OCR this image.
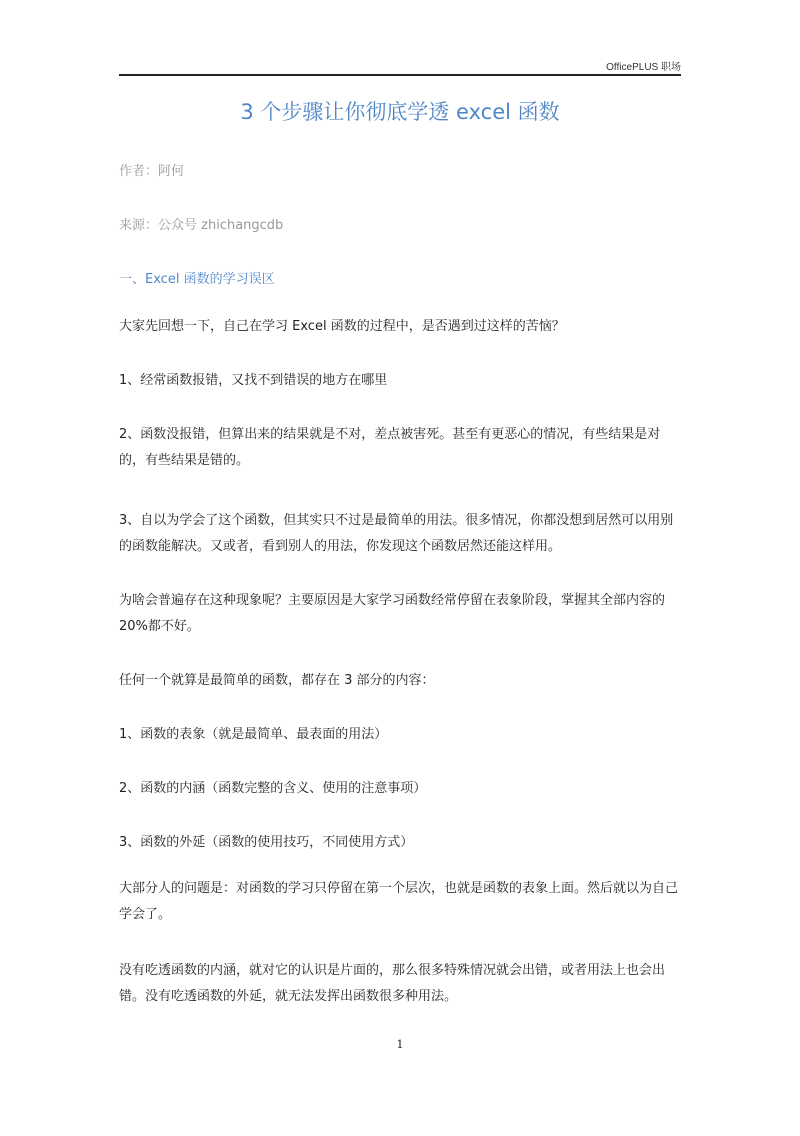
OfficePLUS 职场
3 个步骤让你彻底学透 excel 函数
作者：阿何
来源：公众号 zhichangcdb
一、Excel 函数的学习误区

大家先回想一下，自己在学习 Excel 函数的过程中，是否遇到过这样的苦恼？

1、经常函数报错，又找不到错误的地方在哪里

2、函数没报错，但算出来的结果就是不对，差点被害死。甚至有更恶心的情况，有些结果是对的，有些结果是错的。

3、自以为学会了这个函数，但其实只不过是最简单的用法。很多情况，你都没想到居然可以用别的函数能解决。又或者，看到别人的用法，你发现这个函数居然还能这样用。

为啥会普遍存在这种现象呢？主要原因是大家学习函数经常停留在表象阶段，掌握其全部内容的 20%都不好。

任何一个就算是最简单的函数，都存在 3 部分的内容：

1、函数的表象（就是最简单、最表面的用法）

2、函数的内涵（函数完整的含义、使用的注意事项）

3、函数的外延（函数的使用技巧，不同使用方式）

大部分人的问题是：对函数的学习只停留在第一个层次，也就是函数的表象上面。然后就以为自己学会了。

没有吃透函数的内涵，就对它的认识是片面的，那么很多特殊情况就会出错，或者用法上也会出错。没有吃透函数的外延，就无法发挥出函数很多种用法。

1
